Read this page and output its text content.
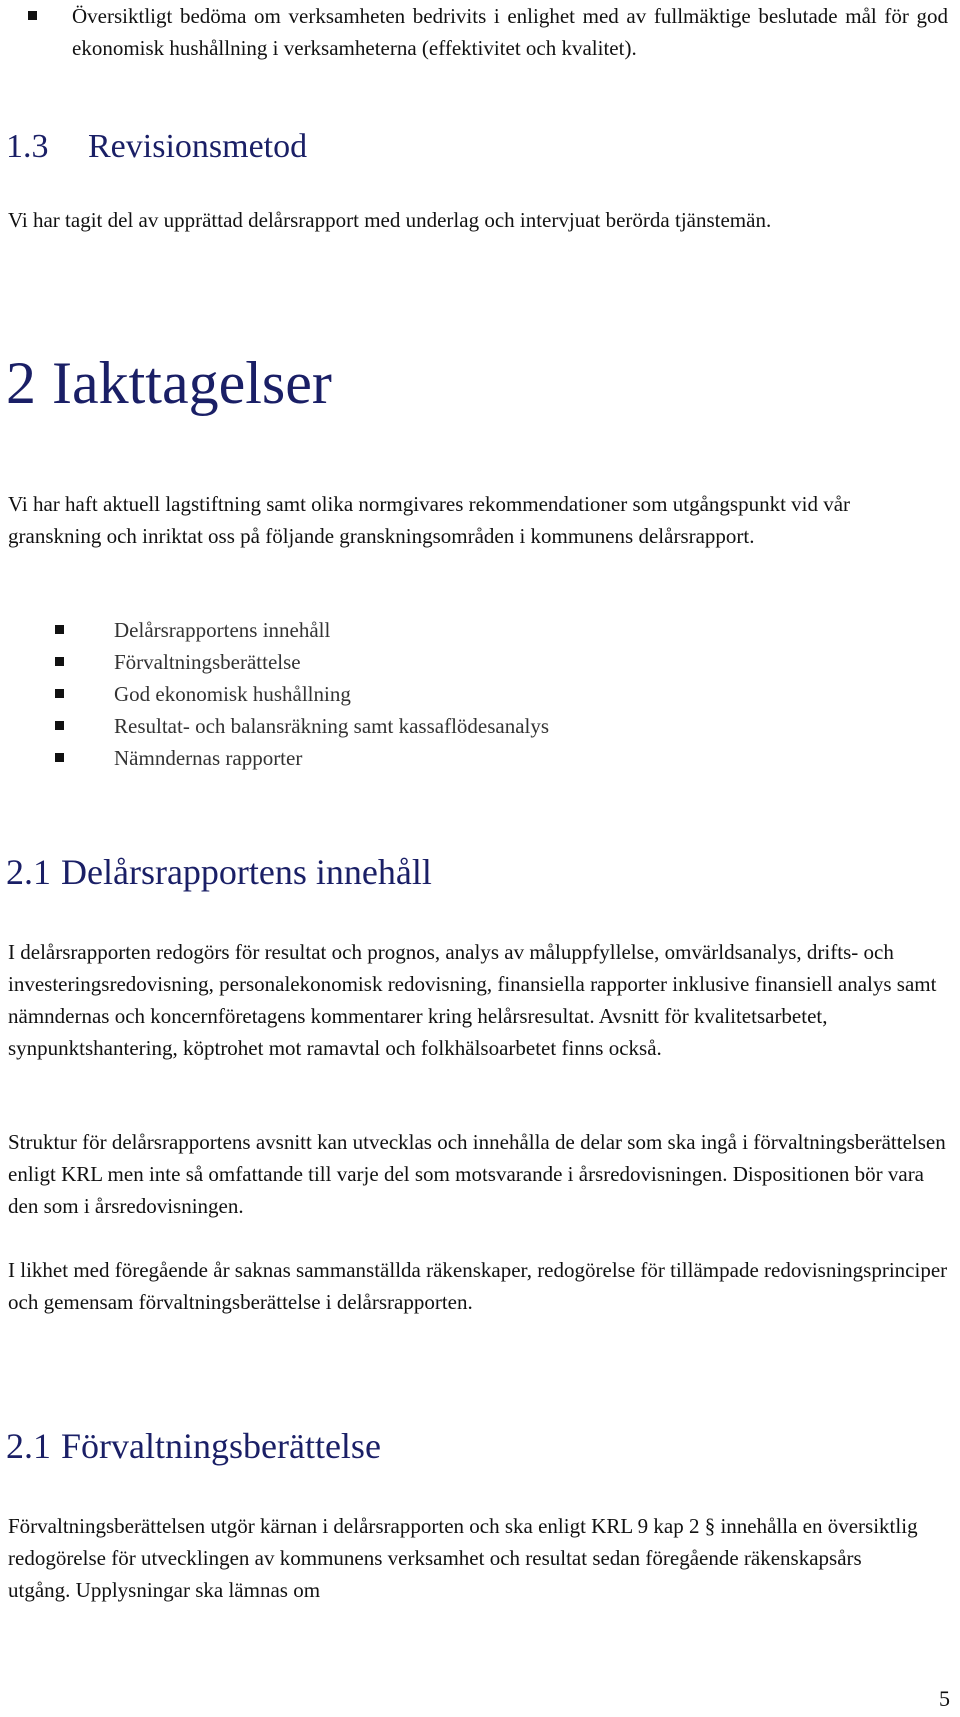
Översiktligt bedöma om verksamheten bedrivits i enlighet med av fullmäktige beslutade mål för god ekonomisk hushållning i verksamheterna (effektivitet och kvalitet).
1.3 Revisionsmetod

Vi har tagit del av upprättad delårsrapport med underlag och intervjuat berörda tjänstemän.

2 Iakttagelser

Vi har haft aktuell lagstiftning samt olika normgivares rekommendationer som utgångspunkt vid vår granskning och inriktat oss på följande granskningsområden i kommunens delårsrapport.

Delårsrapportens innehåll
Förvaltningsberättelse
God ekonomisk hushållning
Resultat- och balansräkning samt kassaflödesanalys
Nämndernas rapporter
2.1 Delårsrapportens innehåll

I delårsrapporten redogörs för resultat och prognos, analys av måluppfyllelse, omvärldsanalys, drifts- och investeringsredovisning, personalekonomisk redovisning, finansiella rapporter inklusive finansiell analys samt nämndernas och koncernföretagens kommentarer kring helårsresultat. Avsnitt för kvalitetsarbetet, synpunktshantering, köptrohet mot ramavtal och folkhälsoarbetet finns också.

Struktur för delårsrapportens avsnitt kan utvecklas och innehålla de delar som ska ingå i förvaltningsberättelsen enligt KRL men inte så omfattande till varje del som motsvarande i årsredovisningen. Dispositionen bör vara den som i årsredovisningen.

I likhet med föregående år saknas sammanställda räkenskaper, redogörelse för tillämpade redovisningsprinciper och gemensam förvaltningsberättelse i delårsrapporten.

2.1 Förvaltningsberättelse

Förvaltningsberättelsen utgör kärnan i delårsrapporten och ska enligt KRL 9 kap 2 § innehålla en översiktlig redogörelse för utvecklingen av kommunens verksamhet och resultat sedan föregående räkenskapsårs utgång. Upplysningar ska lämnas om

5
